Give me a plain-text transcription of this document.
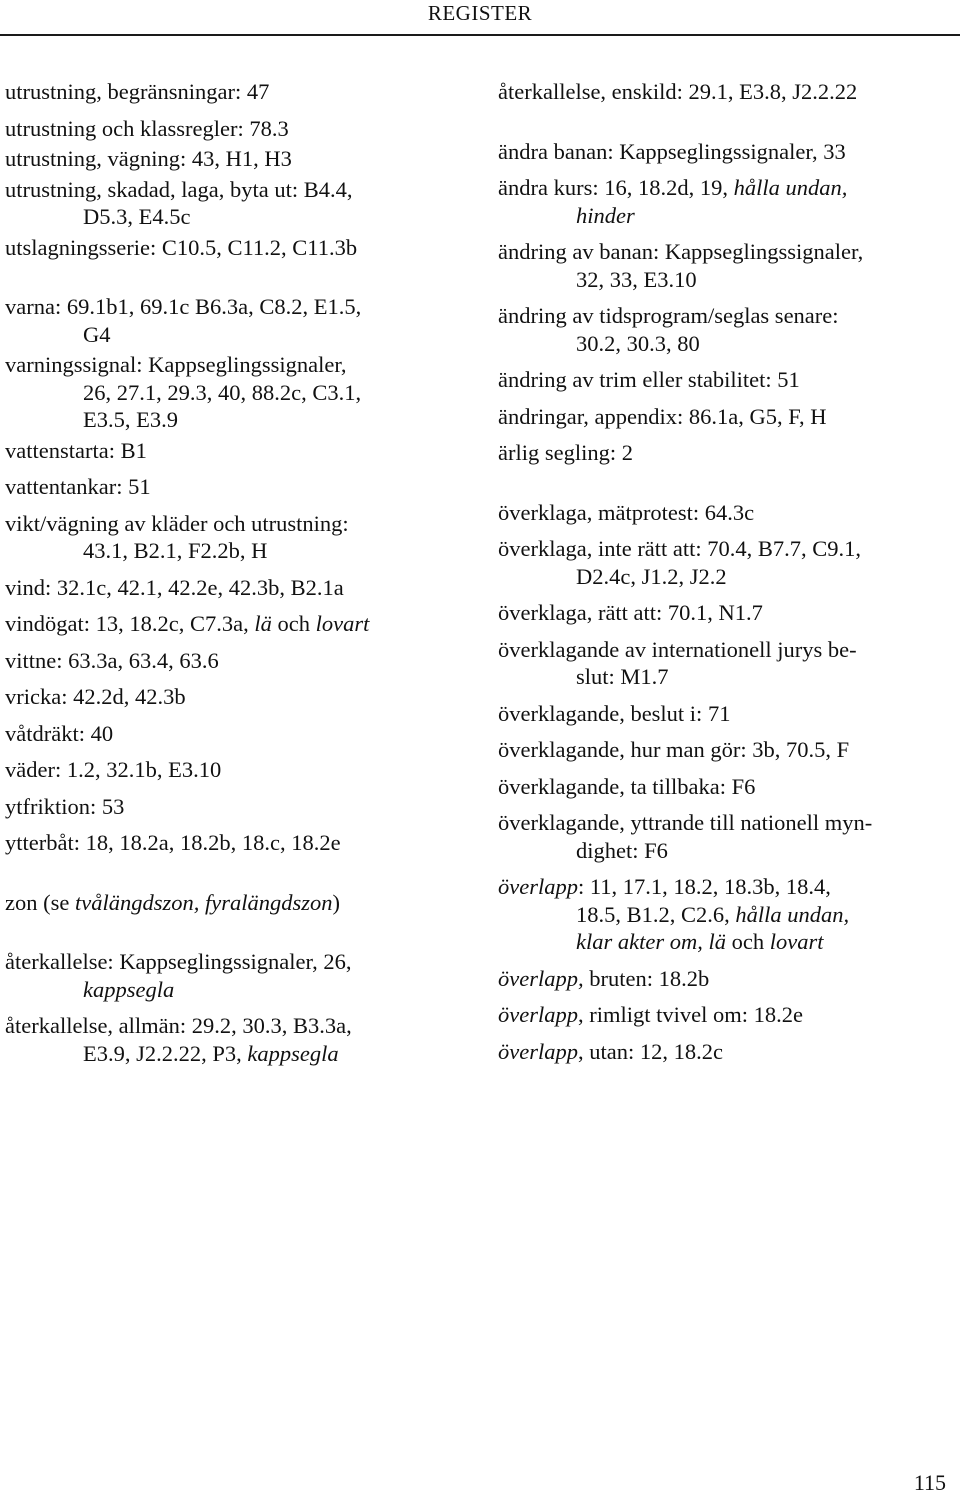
REGISTER
utrustning, begränsningar: 47
utrustning och klassregler: 78.3
utrustning, vägning: 43, H1, H3
utrustning, skadad, laga, byta ut: B4.4,
D5.3, E4.5c
utslagningsserie: C10.5, C11.2, C11.3b
varna: 69.1b1, 69.1c B6.3a, C8.2, E1.5,
G4
varningssignal: Kappseglingssignaler,
26, 27.1, 29.3, 40, 88.2c, C3.1,
E3.5, E3.9
vattenstarta: B1
vattentankar: 51
vikt/vägning av kläder och utrustning:
43.1, B2.1, F2.2b, H
vind: 32.1c, 42.1, 42.2e, 42.3b, B2.1a
vindögat: 13, 18.2c, C7.3a, lä och lovart
vittne: 63.3a, 63.4, 63.6
vricka: 42.2d, 42.3b
våtdräkt: 40
väder: 1.2, 32.1b, E3.10
ytfriktion: 53
ytterbåt: 18, 18.2a, 18.2b, 18.c, 18.2e
zon (se tvålängdszon, fyralängdszon)
återkallelse: Kappseglingssignaler, 26,
kappsegla
återkallelse, allmän: 29.2, 30.3, B3.3a,
E3.9, J2.2.22, P3, kappsegla
återkallelse, enskild: 29.1, E3.8, J2.2.22
ändra banan: Kappseglingssignaler, 33
ändra kurs: 16, 18.2d, 19, hålla undan,
hinder
ändring av banan: Kappseglingssignaler,
32, 33, E3.10
ändring av tidsprogram/seglas senare:
30.2, 30.3, 80
ändring av trim eller stabilitet: 51
ändringar, appendix: 86.1a, G5, F, H
ärlig segling: 2
överklaga, mätprotest: 64.3c
överklaga, inte rätt att: 70.4, B7.7, C9.1,
D2.4c, J1.2, J2.2
överklaga, rätt att: 70.1, N1.7
överklagande av internationell jurys be-
slut: M1.7
överklagande, beslut i: 71
överklagande, hur man gör: 3b, 70.5, F
överklagande, ta tillbaka: F6
överklagande, yttrande till nationell myn-
dighet: F6
överlapp: 11, 17.1, 18.2, 18.3b, 18.4,
18.5, B1.2, C2.6, hålla undan,
klar akter om, lä och lovart
överlapp, bruten: 18.2b
överlapp, rimligt tvivel om: 18.2e
överlapp, utan: 12, 18.2c
115
